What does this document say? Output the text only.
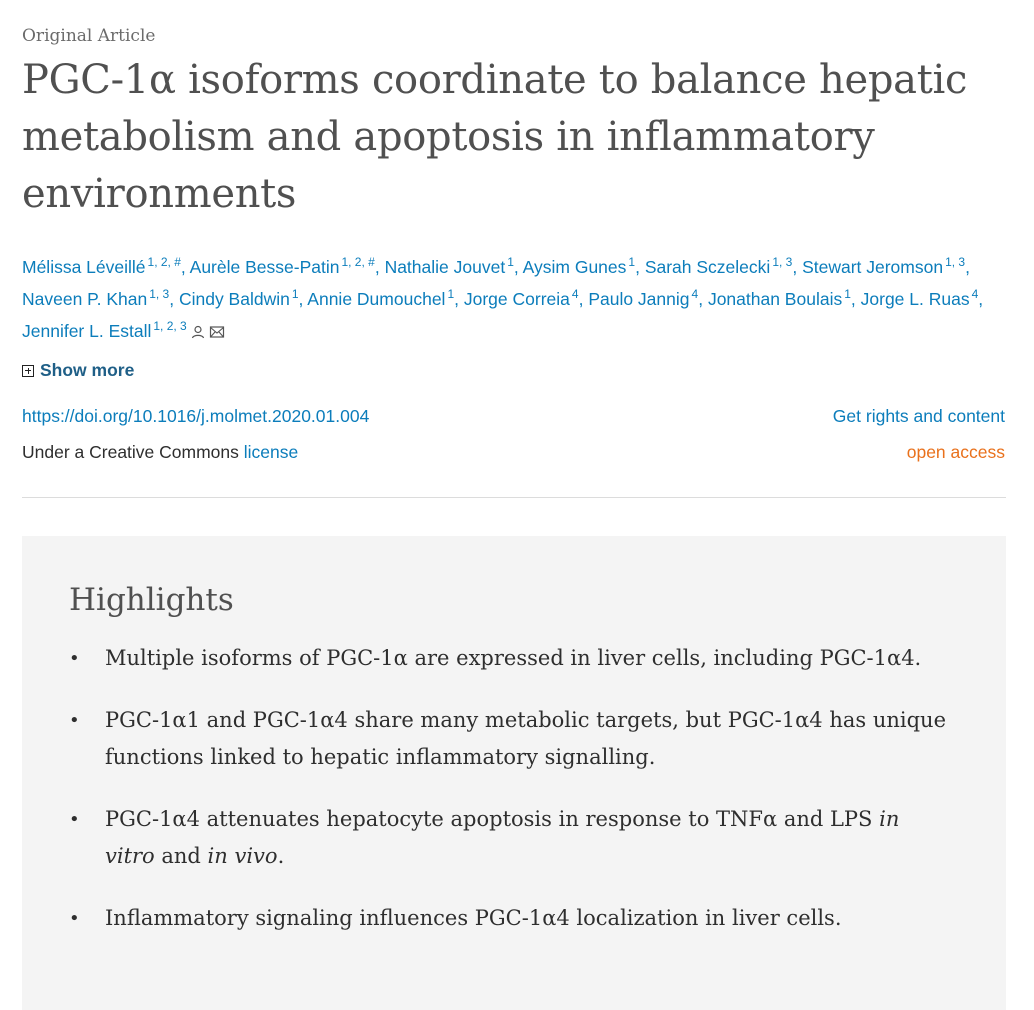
Original Article
PGC-1α isoforms coordinate to balance hepatic metabolism and apoptosis in inflammatory environments
Mélissa Léveillé $^{1, 2, \#}$, Aurèle Besse-Patin $^{1, 2, \#}$, Nathalie Jouvet $^1$, Aysim Gunes $^1$, Sarah Sczelecki $^{1, 3}$, Stewart Jeromson $^{1, 3}$, Naveen P. Khan $^{1, 3}$, Cindy Baldwin $^1$, Annie Dumouchel $^1$, Jorge Correia $^4$, Paulo Jannig $^4$, Jonathan Boulais $^1$, Jorge L. Ruas $^4$, Jennifer L. Estall $^{1, 2, 3}$
Show more
https://doi.org/10.1016/j.molmet.2020.01.004	Get rights and content
Under a Creative Commons license	open access
Highlights
• Multiple isoforms of PGC-1α are expressed in liver cells, including PGC-1α4.
• PGC-1α1 and PGC-1α4 share many metabolic targets, but PGC-1α4 has unique functions linked to hepatic inflammatory signalling.
• PGC-1α4 attenuates hepatocyte apoptosis in response to TNFα and LPS in vitro and in vivo.
• Inflammatory signaling influences PGC-1α4 localization in liver cells.
